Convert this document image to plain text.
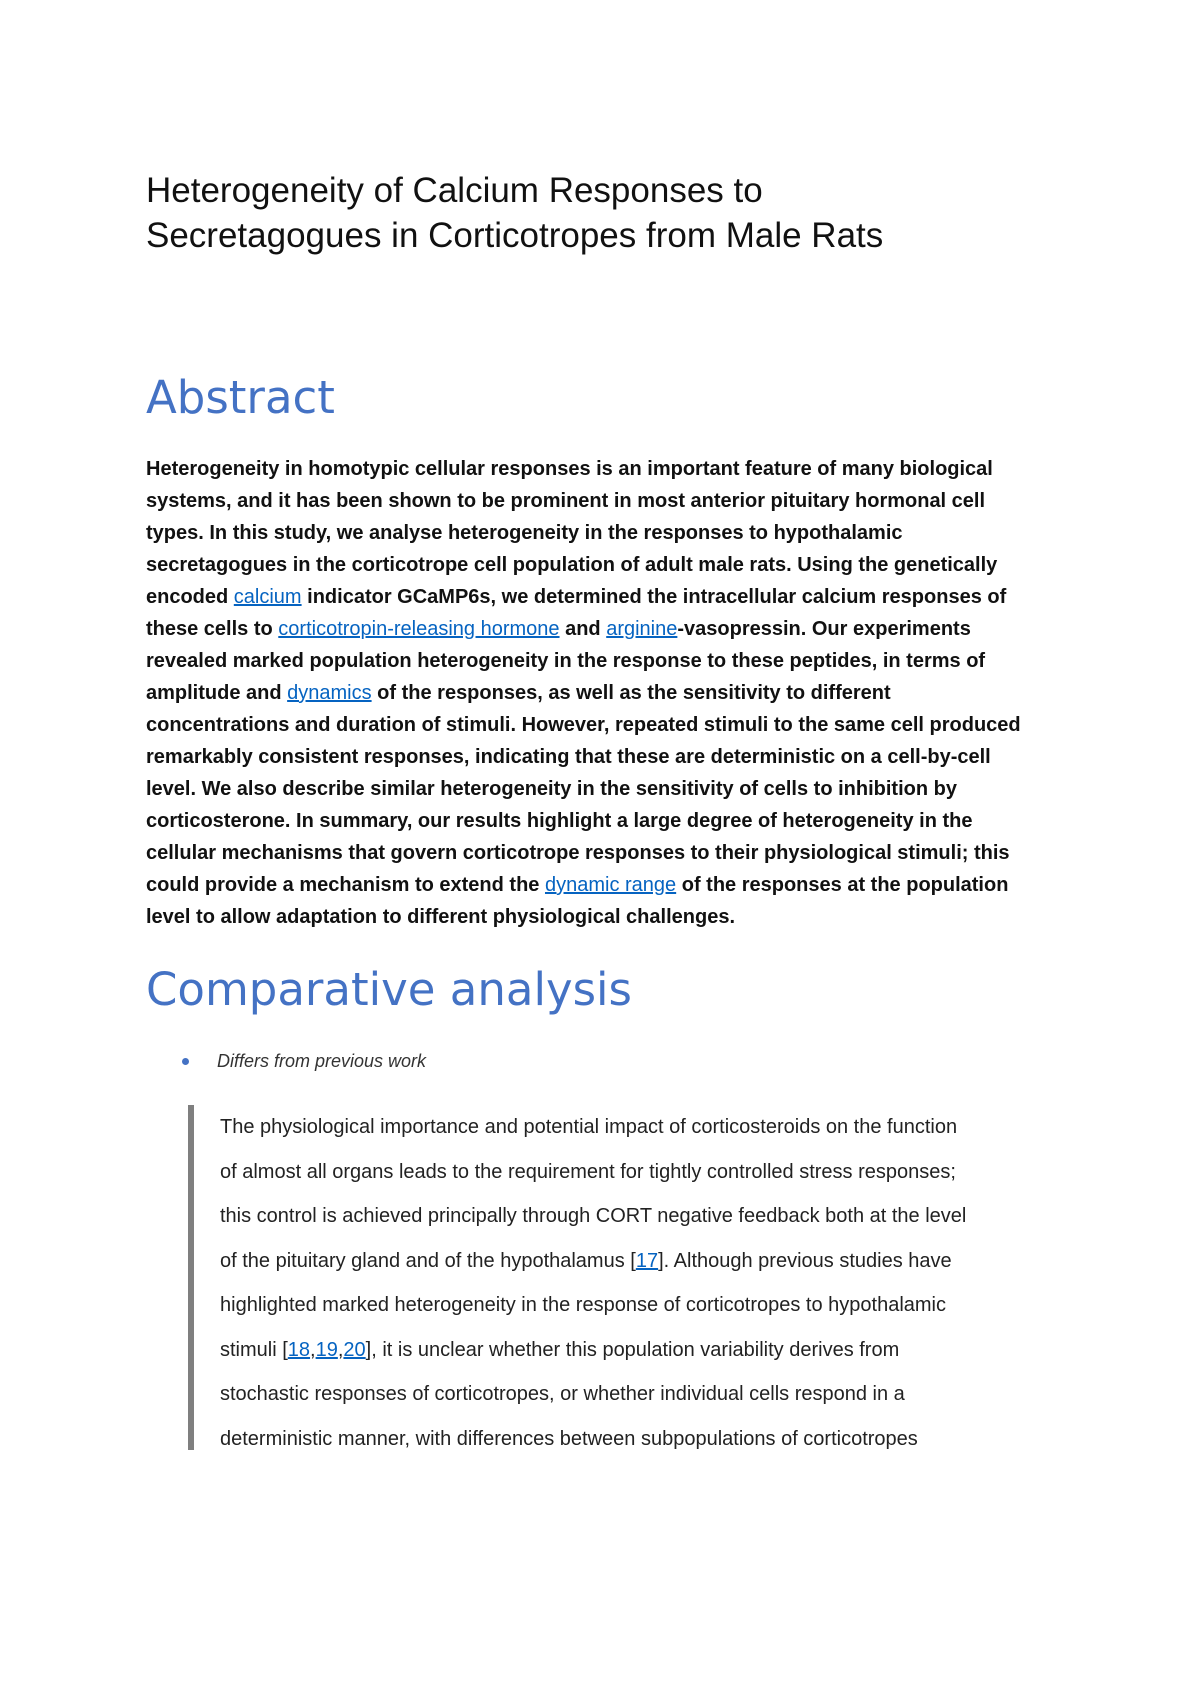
Heterogeneity of Calcium Responses to
Secretagogues in Corticotropes from Male Rats
Abstract
Heterogeneity in homotypic cellular responses is an important feature of many biological
systems, and it has been shown to be prominent in most anterior pituitary hormonal cell
types. In this study, we analyse heterogeneity in the responses to hypothalamic
secretagogues in the corticotrope cell population of adult male rats. Using the genetically
encoded calcium indicator GCaMP6s, we determined the intracellular calcium responses of
these cells to corticotropin-releasing hormone and arginine-vasopressin. Our experiments
revealed marked population heterogeneity in the response to these peptides, in terms of
amplitude and dynamics of the responses, as well as the sensitivity to different
concentrations and duration of stimuli. However, repeated stimuli to the same cell produced
remarkably consistent responses, indicating that these are deterministic on a cell-by-cell
level. We also describe similar heterogeneity in the sensitivity of cells to inhibition by
corticosterone. In summary, our results highlight a large degree of heterogeneity in the
cellular mechanisms that govern corticotrope responses to their physiological stimuli; this
could provide a mechanism to extend the dynamic range of the responses at the population
level to allow adaptation to different physiological challenges.
Comparative analysis
Differs from previous work
The physiological importance and potential impact of corticosteroids on the function
of almost all organs leads to the requirement for tightly controlled stress responses;
this control is achieved principally through CORT negative feedback both at the level
of the pituitary gland and of the hypothalamus [17]. Although previous studies have
highlighted marked heterogeneity in the response of corticotropes to hypothalamic
stimuli [18,19,20], it is unclear whether this population variability derives from
stochastic responses of corticotropes, or whether individual cells respond in a
deterministic manner, with differences between subpopulations of corticotropes
